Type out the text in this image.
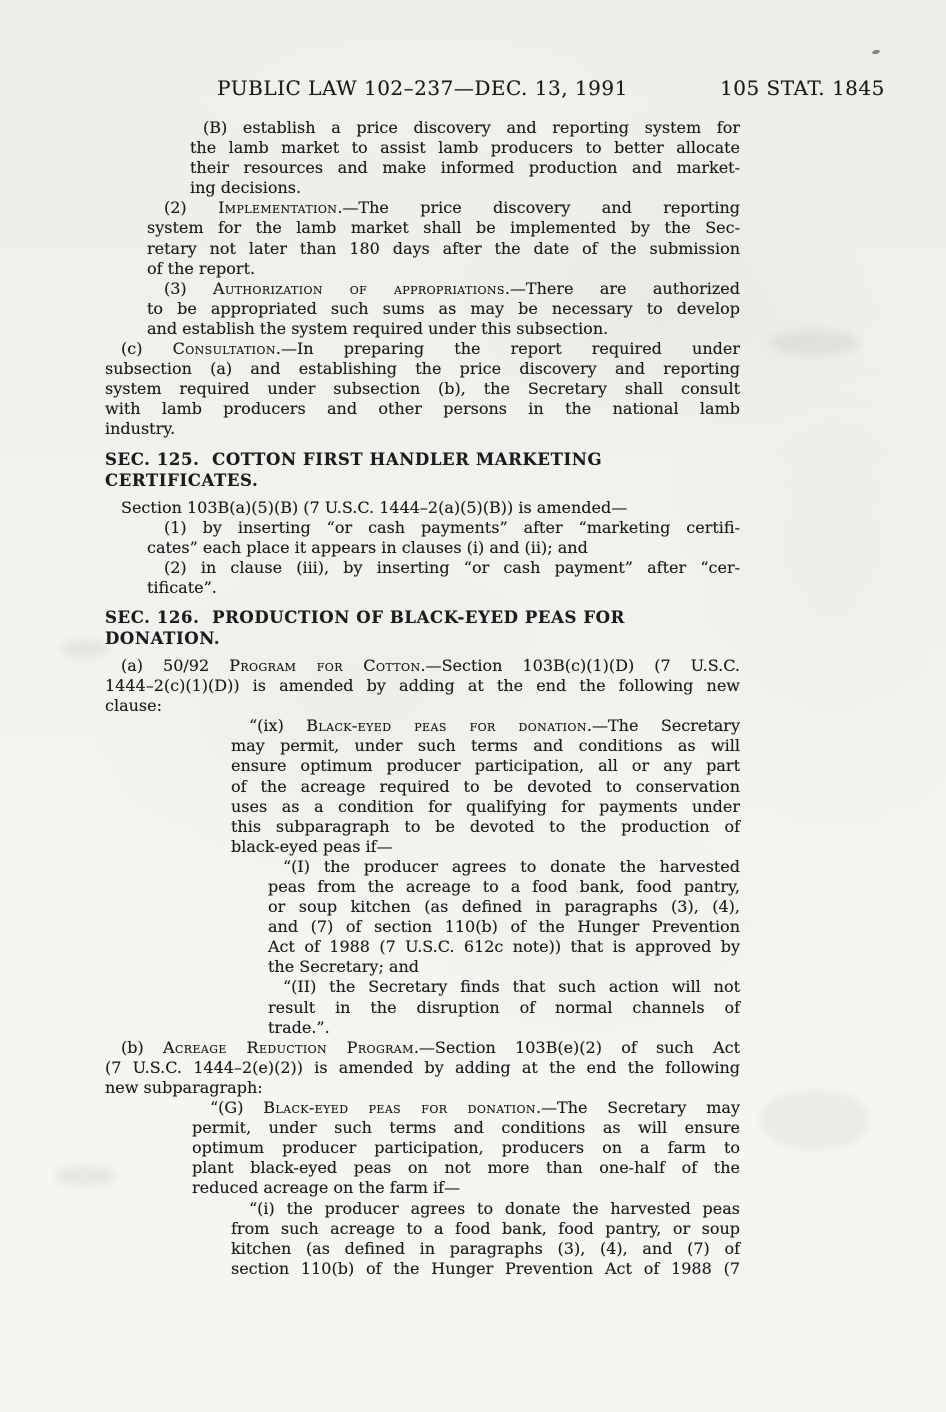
PUBLIC LAW 102–237—DEC. 13, 1991	105 STAT. 1845
(B) establish a price discovery and reporting system for
the lamb market to assist lamb producers to better allocate
their resources and make informed production and market-
ing decisions.
(2) Implementation.—The price discovery and reporting
system for the lamb market shall be implemented by the Sec-
retary not later than 180 days after the date of the submission
of the report.
(3) Authorization of appropriations.—There are authorized
to be appropriated such sums as may be necessary to develop
and establish the system required under this subsection.
(c) Consultation.—In preparing the report required under
subsection (a) and establishing the price discovery and reporting
system required under subsection (b), the Secretary shall consult
with lamb producers and other persons in the national lamb
industry.
SEC. 125.  COTTON FIRST HANDLER MARKETING CERTIFICATES.
Section 103B(a)(5)(B) (7 U.S.C. 1444–2(a)(5)(B)) is amended—
(1) by inserting “or cash payments” after “marketing certifi-
cates” each place it appears in clauses (i) and (ii); and
(2) in clause (iii), by inserting “or cash payment” after “cer-
tificate”.
SEC. 126.  PRODUCTION OF BLACK-EYED PEAS FOR DONATION.
(a) 50/92 Program for Cotton.—Section 103B(c)(1)(D) (7 U.S.C.
1444–2(c)(1)(D)) is amended by adding at the end the following new
clause:
“(ix) Black-eyed peas for donation.—The Secretary
may permit, under such terms and conditions as will
ensure optimum producer participation, all or any part
of the acreage required to be devoted to conservation
uses as a condition for qualifying for payments under
this subparagraph to be devoted to the production of
black-eyed peas if—
“(I) the producer agrees to donate the harvested
peas from the acreage to a food bank, food pantry,
or soup kitchen (as defined in paragraphs (3), (4),
and (7) of section 110(b) of the Hunger Prevention
Act of 1988 (7 U.S.C. 612c note)) that is approved by
the Secretary; and
“(II) the Secretary finds that such action will not
result in the disruption of normal channels of
trade.”.
(b) Acreage Reduction Program.—Section 103B(e)(2) of such Act
(7 U.S.C. 1444–2(e)(2)) is amended by adding at the end the following
new subparagraph:
“(G) Black-eyed peas for donation.—The Secretary may
permit, under such terms and conditions as will ensure
optimum producer participation, producers on a farm to
plant black-eyed peas on not more than one-half of the
reduced acreage on the farm if—
“(i) the producer agrees to donate the harvested peas
from such acreage to a food bank, food pantry, or soup
kitchen (as defined in paragraphs (3), (4), and (7) of
section 110(b) of the Hunger Prevention Act of 1988 (7
